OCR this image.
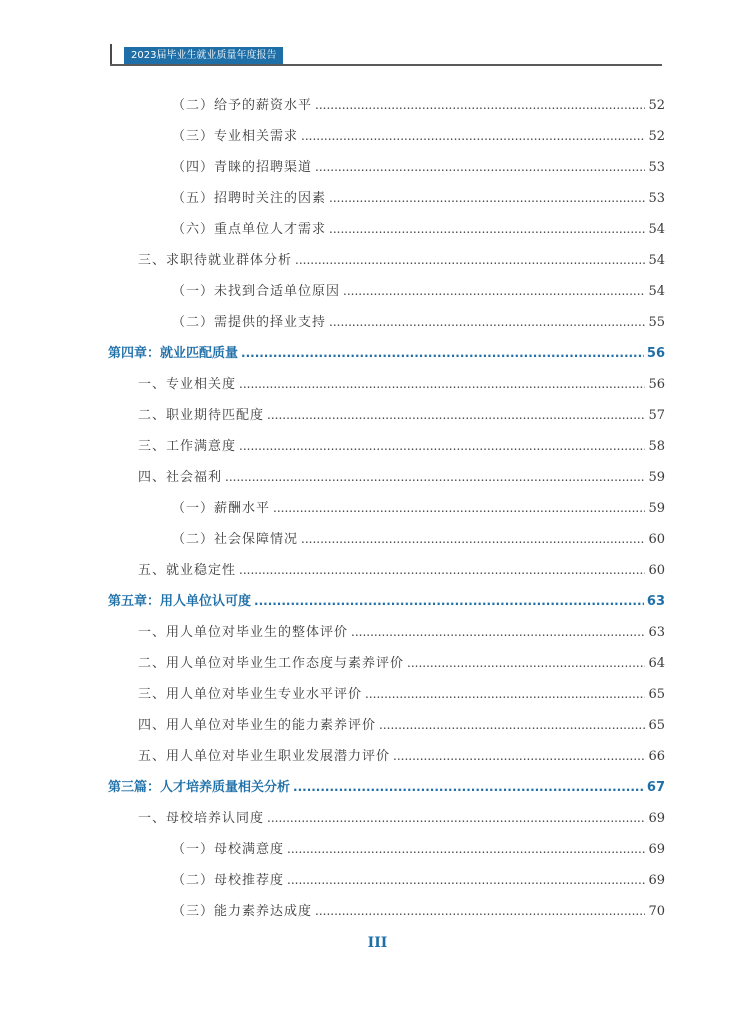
2023届毕业生就业质量年度报告
（二）给予的薪资水平 .....	52
（三）专业相关需求 .....	52
（四）青睐的招聘渠道 .....	53
（五）招聘时关注的因素 .....	53
（六）重点单位人才需求 .....	54
三、求职待就业群体分析 .....	54
（一）未找到合适单位原因 .....	54
（二）需提供的择业支持 .....	55
第四章：就业匹配质量 .....	56
一、专业相关度 .....	56
二、职业期待匹配度 .....	57
三、工作满意度 .....	58
四、社会福利 .....	59
（一）薪酬水平 .....	59
（二）社会保障情况 .....	60
五、就业稳定性 .....	60
第五章：用人单位认可度 .....	63
一、用人单位对毕业生的整体评价 .....	63
二、用人单位对毕业生工作态度与素养评价 .....	64
三、用人单位对毕业生专业水平评价 .....	65
四、用人单位对毕业生的能力素养评价 .....	65
五、用人单位对毕业生职业发展潜力评价 .....	66
第三篇：人才培养质量相关分析 .....	67
一、母校培养认同度 .....	69
（一）母校满意度 .....	69
（二）母校推荐度 .....	69
（三）能力素养达成度 .....	70
III
